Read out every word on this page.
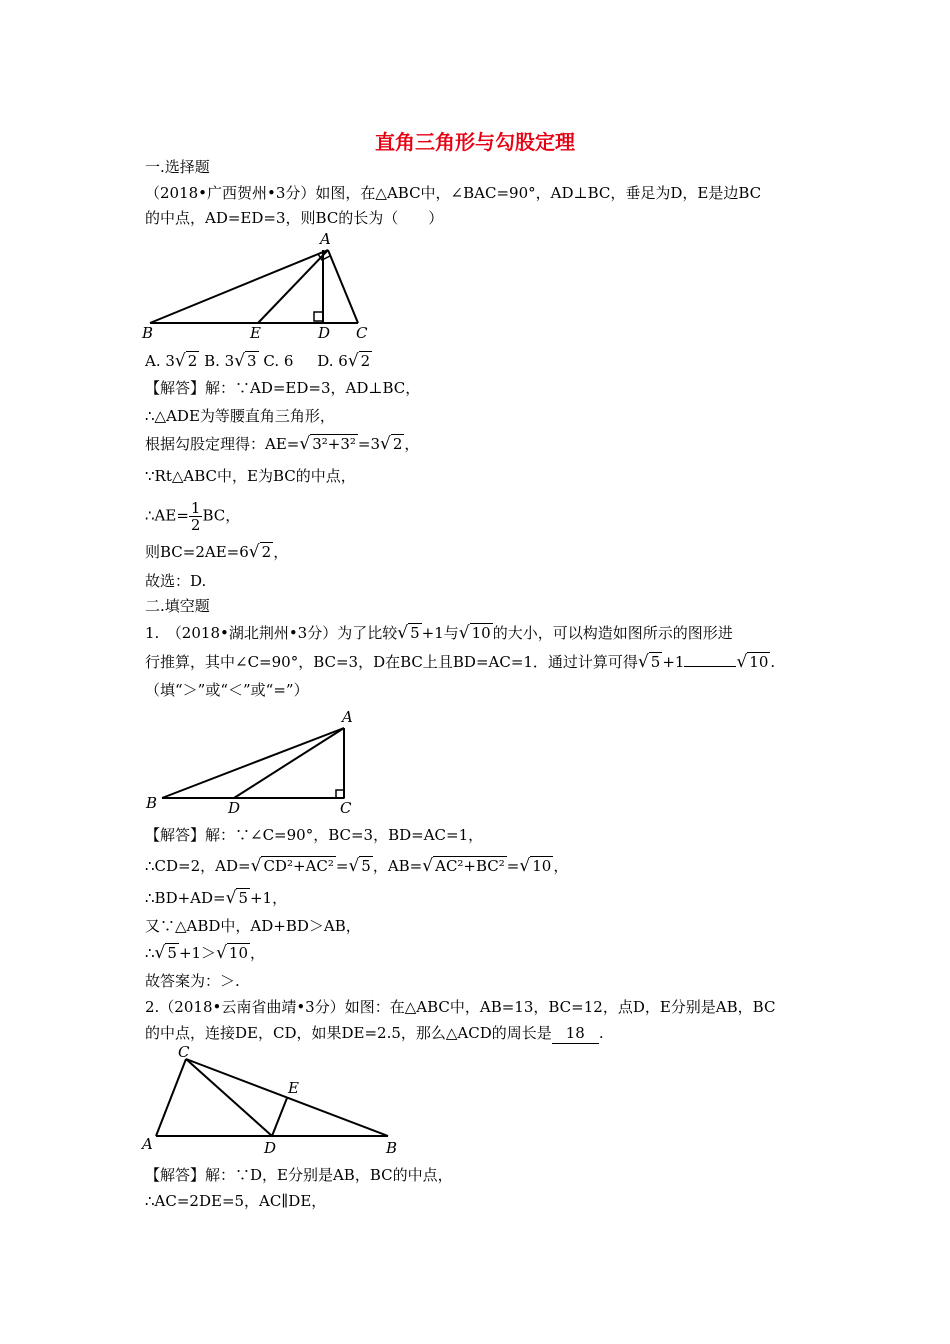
直角三角形与勾股定理
一.选择题
（2018•广西贺州•3分）如图，在△ABC中，∠BAC=90°，AD⊥BC，垂足为D，E是边BC
的中点，AD=ED=3，则BC的长为（　　）
A
B	E	D C
A. 3√ 2 B. 3√ 3 C. 6 D. 6√ 2
【解答】解：∵AD=ED=3，AD⊥BC，
∴△ADE为等腰直角三角形，
根据勾股定理得：AE=√ 3²+3² =3√ 2 ，
∵Rt△ABC中，E为BC的中点，
∴AE= $\frac{1}{2}$ BC，
则BC=2AE=6√ 2 ，
故选：D.
二.填空题
1.　（2018•湖北荆州•3分）为了比较√ 5 +1与√ 10 的大小，可以构造如图所示的图形进
行推算，其中∠C=90°，BC=3，D在BC上且BD=AC=1．通过计算可得√ 5 +1	√ 10 .
（填“＞”或“＜”或“=”）
A
B	D	C
【解答】解：∵∠C=90°，BC=3，BD=AC=1，
∴CD=2，AD=√ CD²+AC² =√ 5 ，AB=√ AC²+BC² =√ 10 ，
∴BD+AD=√ 5 +1，
又∵△ABD中，AD+BD＞AB，
∴√ 5 +1＞√ 10 ，
故答案为：＞.
2.（2018•云南省曲靖•3分）如图：在△ABC中，AB=13，BC=12，点D，E分别是AB，BC
的中点，连接DE，CD，如果DE=2.5，那么△ACD的周长是 18 .
C
E
A	D	B
【解答】解：∵D，E分别是AB，BC的中点，
∴AC=2DE=5，AC∥DE，
